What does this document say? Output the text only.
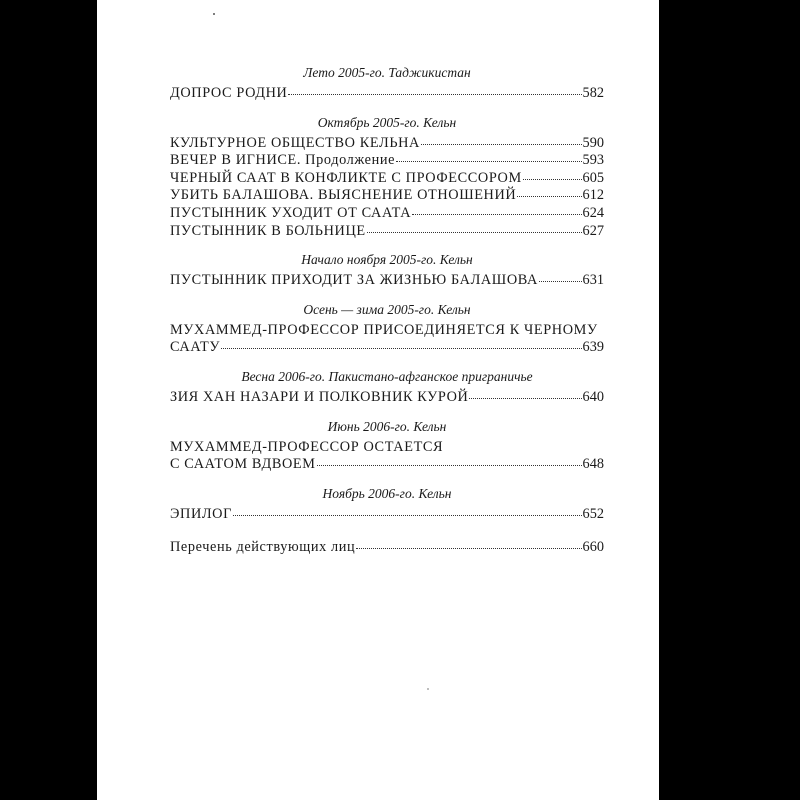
Лето 2005-го. Таджикистан
ДОПРОС РОДНИ	582
Октябрь 2005-го. Кельн
КУЛЬТУРНОЕ ОБЩЕСТВО КЕЛЬНА	590
ВЕЧЕР В ИГНИСЕ. Продолжение	593
ЧЕРНЫЙ СААТ В КОНФЛИКТЕ С ПРОФЕССОРОМ	605
УБИТЬ БАЛАШОВА. ВЫЯСНЕНИЕ ОТНОШЕНИЙ	612
ПУСТЫННИК УХОДИТ ОТ СААТА	624
ПУСТЫННИК В БОЛЬНИЦЕ	627
Начало ноября 2005-го. Кельн
ПУСТЫННИК ПРИХОДИТ ЗА ЖИЗНЬЮ БАЛАШОВА	631
Осень — зима 2005-го. Кельн
МУХАММЕД-ПРОФЕССОР ПРИСОЕДИНЯЕТСЯ К ЧЕРНОМУ
СААТУ	639
Весна 2006-го. Пакистано-афганское приграничье
ЗИЯ ХАН НАЗАРИ И ПОЛКОВНИК КУРОЙ	640
Июнь 2006-го. Кельн
МУХАММЕД-ПРОФЕССОР ОСТАЕТСЯ
С СААТОМ ВДВОЕМ	648
Ноябрь 2006-го. Кельн
ЭПИЛОГ	652
Перечень действующих лиц	660
